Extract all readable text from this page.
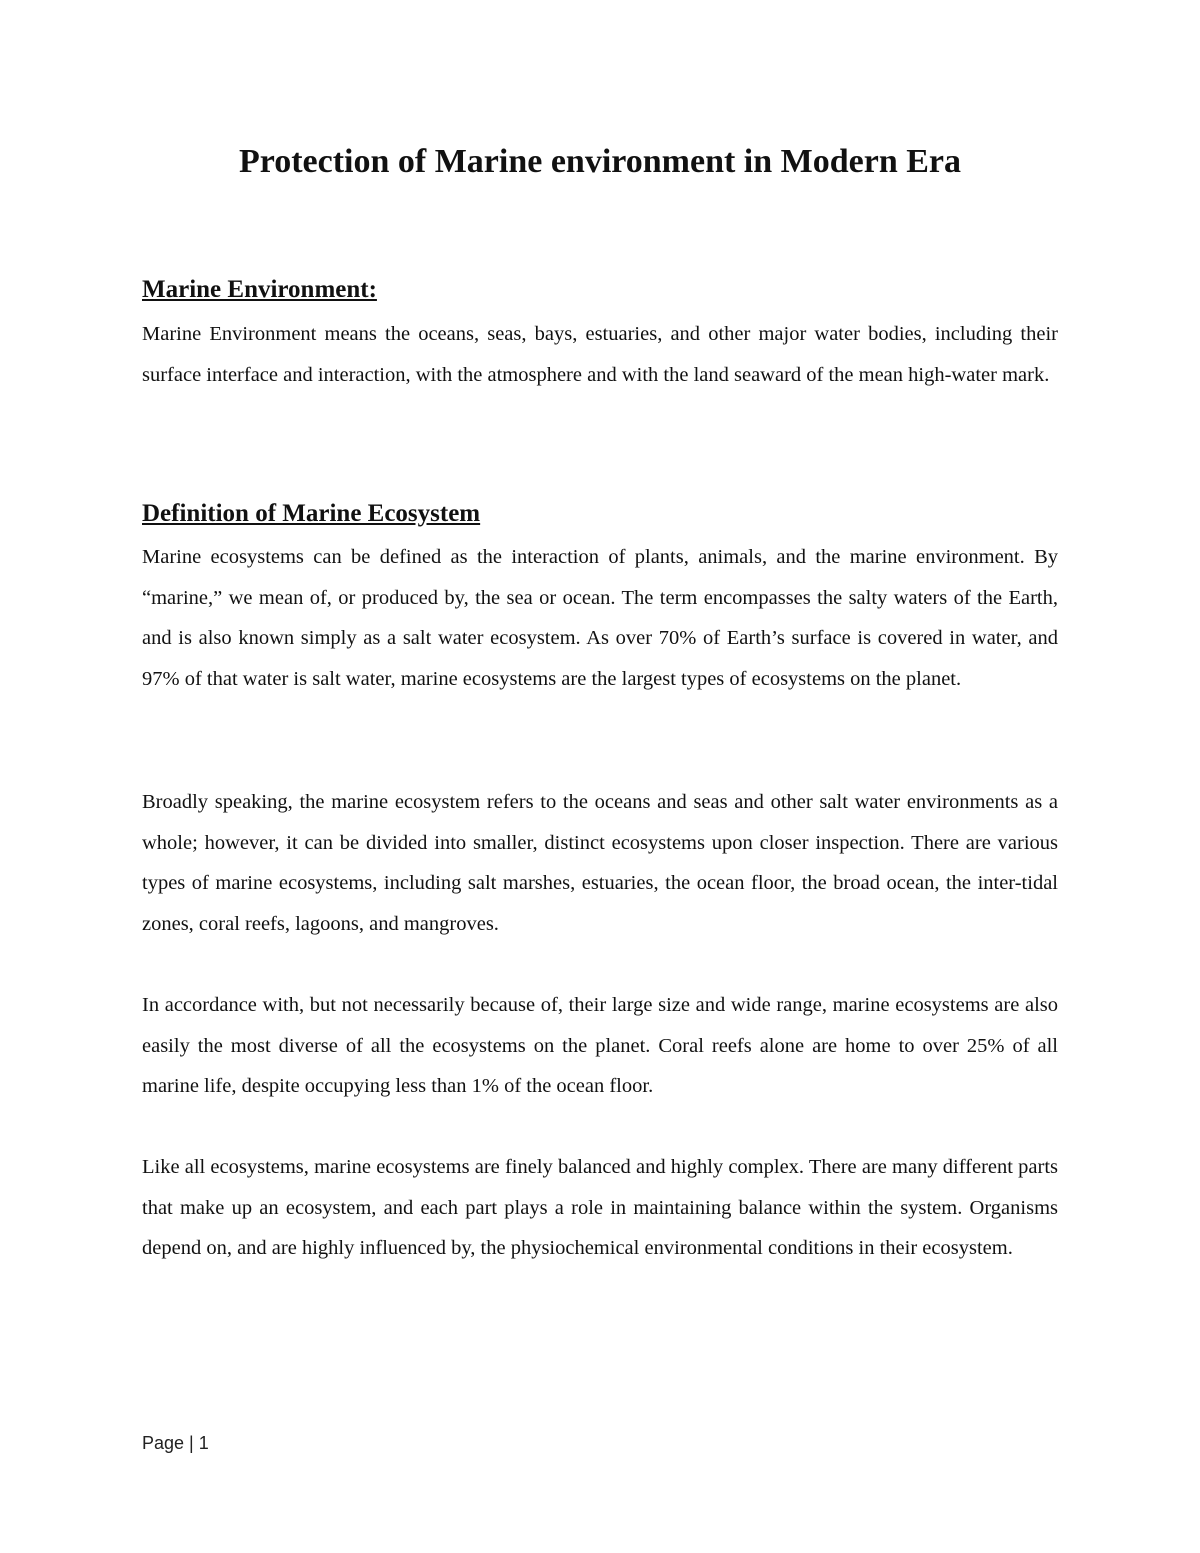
Protection of Marine environment in Modern Era
Marine Environment:

Marine Environment means the oceans, seas, bays, estuaries, and other major water bodies, including their surface interface and interaction, with the atmosphere and with the land seaward of the mean high-water mark.

Definition of Marine Ecosystem

Marine ecosystems can be defined as the interaction of plants, animals, and the marine environment. By “marine,” we mean of, or produced by, the sea or ocean. The term encompasses the salty waters of the Earth, and is also known simply as a salt water ecosystem. As over 70% of Earth’s surface is covered in water, and 97% of that water is salt water, marine ecosystems are the largest types of ecosystems on the planet.

Broadly speaking, the marine ecosystem refers to the oceans and seas and other salt water environments as a whole; however, it can be divided into smaller, distinct ecosystems upon closer inspection. There are various types of marine ecosystems, including salt marshes, estuaries, the ocean floor, the broad ocean, the inter-tidal zones, coral reefs, lagoons, and mangroves.

In accordance with, but not necessarily because of, their large size and wide range, marine ecosystems are also easily the most diverse of all the ecosystems on the planet. Coral reefs alone are home to over 25% of all marine life, despite occupying less than 1% of the ocean floor.

Like all ecosystems, marine ecosystems are finely balanced and highly complex. There are many different parts that make up an ecosystem, and each part plays a role in maintaining balance within the system. Organisms depend on, and are highly influenced by, the physiochemical environmental conditions in their ecosystem.

Page | 1
